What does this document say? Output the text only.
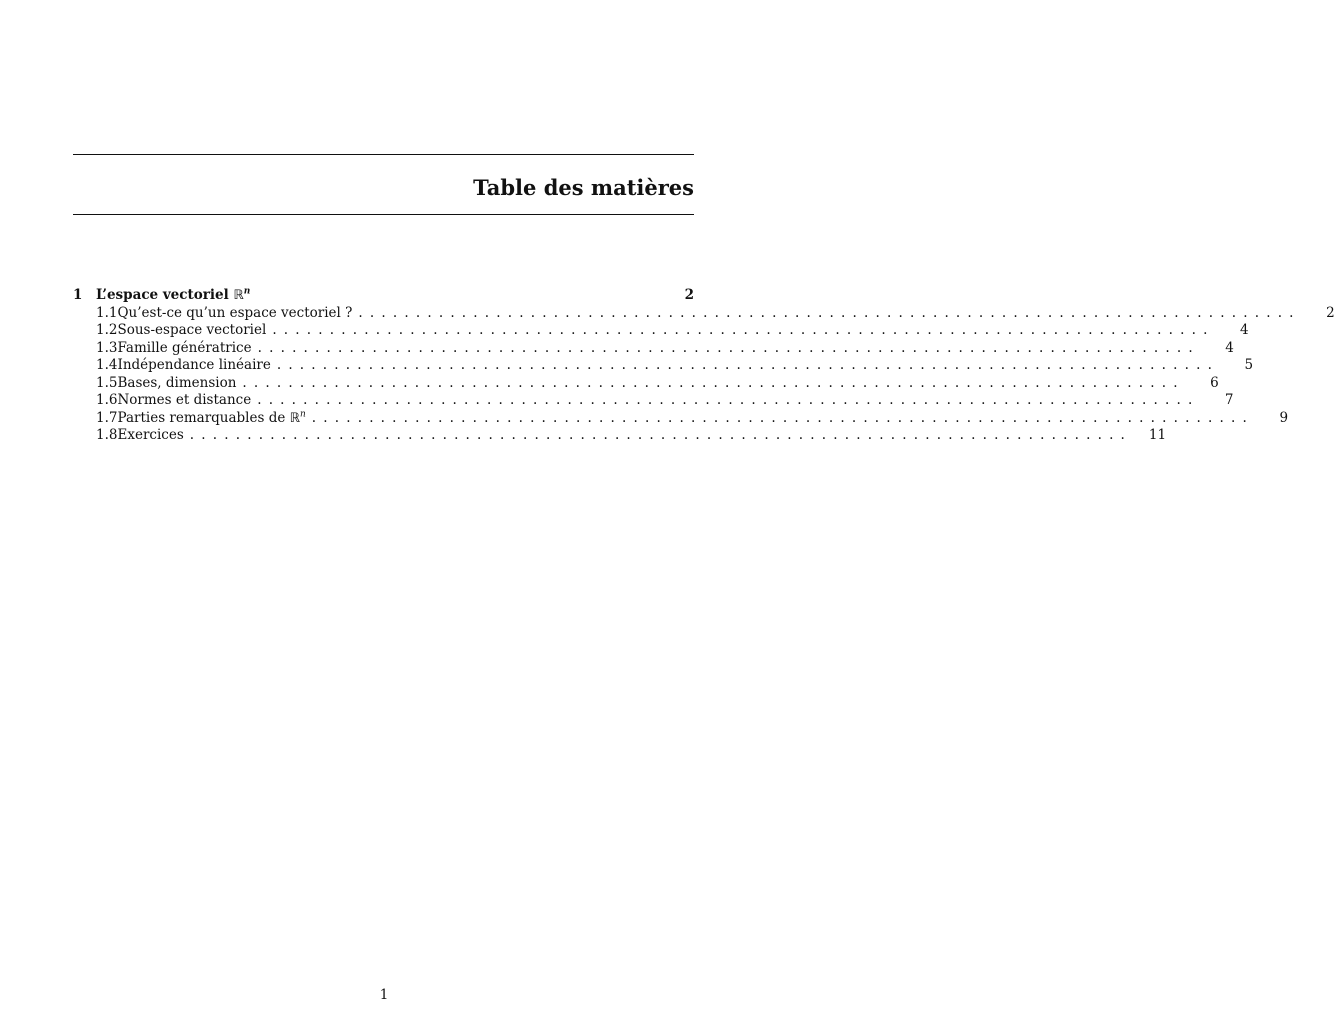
Table des matières
1	L’espace vectoriel ℝ$^n$	2
1.1 Qu’est-ce qu’un espace vectoriel ? ..................................................................................	2
1.2 Sous-espace vectoriel ..................................................................................	4
1.3 Famille génératrice ..................................................................................	4
1.4 Indépendance linéaire ..................................................................................	5
1.5 Bases, dimension ..................................................................................	6
1.6 Normes et distance ..................................................................................	7
1.7 Parties remarquables de ℝ$^n$ ..................................................................................	9
1.8 Exercices ..................................................................................	11
1
